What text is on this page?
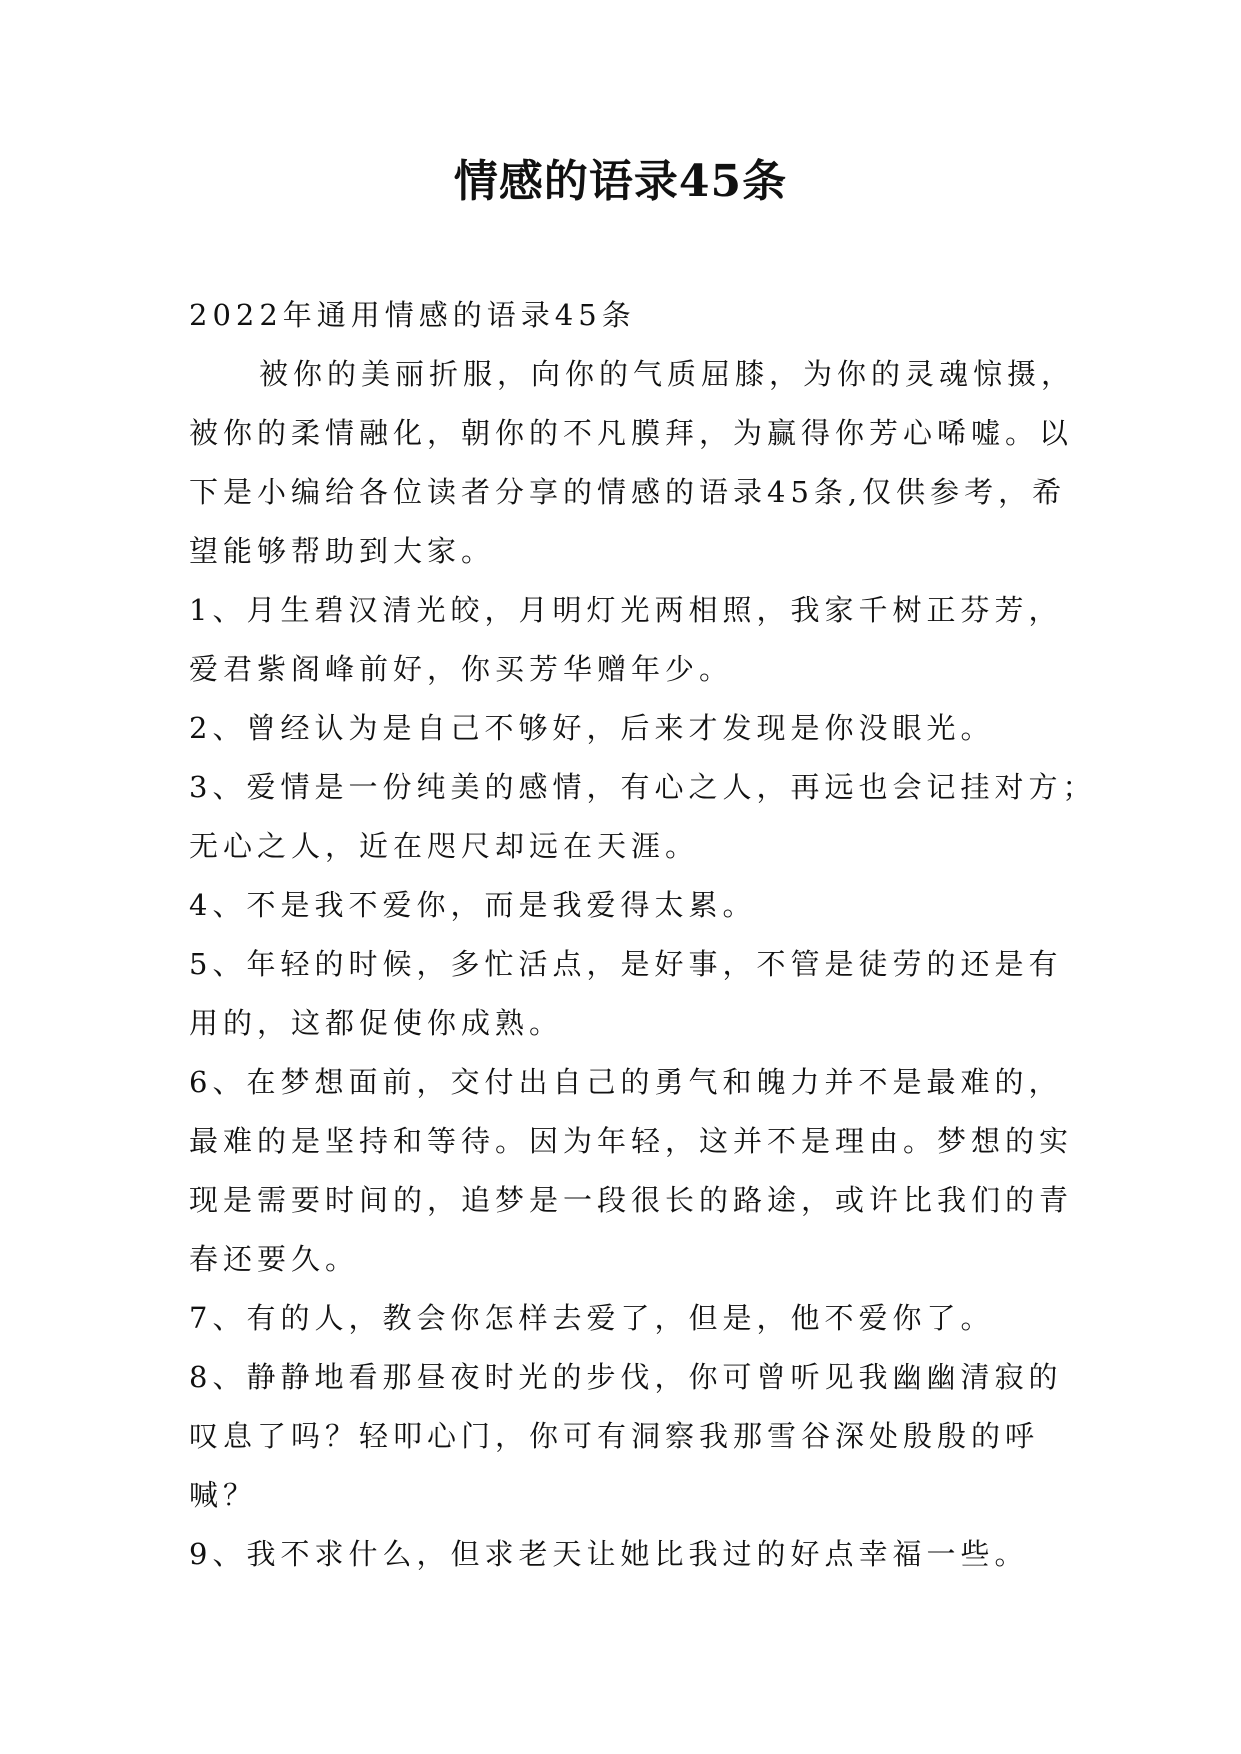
情感的语录45条

2022年通用情感的语录45条

被你的美丽折服，向你的气质屈膝，为你的灵魂惊摄，

被你的柔情融化，朝你的不凡膜拜，为赢得你芳心唏嘘。以

下是小编给各位读者分享的情感的语录45条,仅供参考，希

望能够帮助到大家。

1、月生碧汉清光皎，月明灯光两相照，我家千树正芬芳，

爱君紫阁峰前好，你买芳华赠年少。

2、曾经认为是自己不够好，后来才发现是你没眼光。

3、爱情是一份纯美的感情，有心之人，再远也会记挂对方；

无心之人，近在咫尺却远在天涯。

4、不是我不爱你，而是我爱得太累。

5、年轻的时候，多忙活点，是好事，不管是徒劳的还是有

用的，这都促使你成熟。

6、在梦想面前，交付出自己的勇气和魄力并不是最难的，

最难的是坚持和等待。因为年轻，这并不是理由。梦想的实

现是需要时间的，追梦是一段很长的路途，或许比我们的青

春还要久。

7、有的人，教会你怎样去爱了，但是，他不爱你了。

8、静静地看那昼夜时光的步伐，你可曾听见我幽幽清寂的

叹息了吗？轻叩心门，你可有洞察我那雪谷深处殷殷的呼

喊？

9、我不求什么，但求老天让她比我过的好点幸福一些。
